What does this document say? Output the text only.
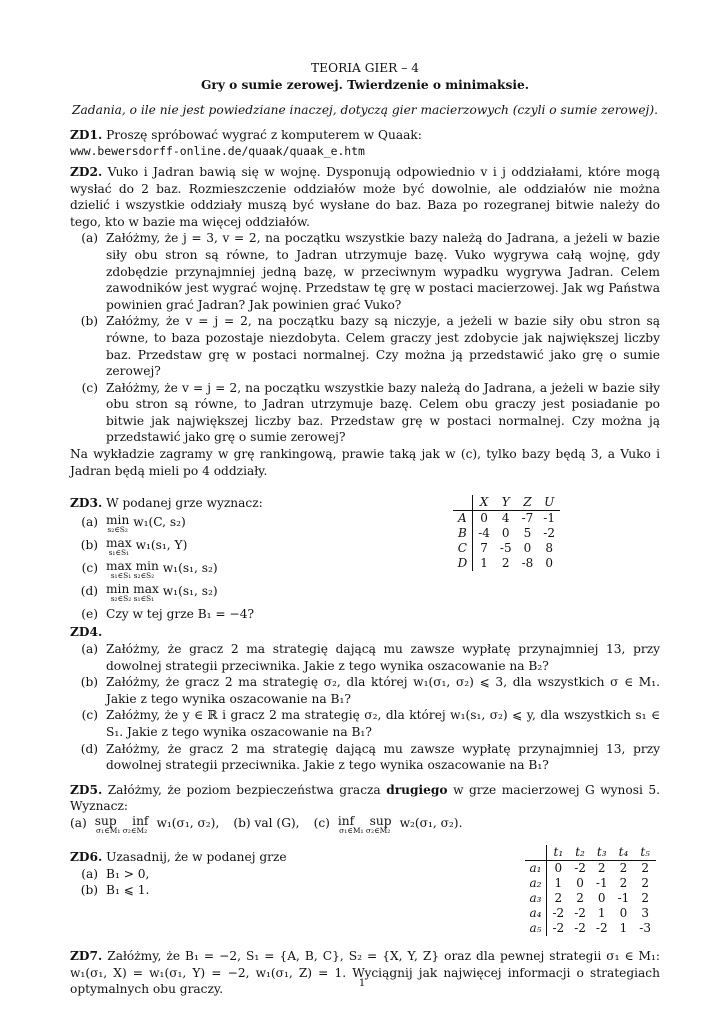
TEORIA GIER – 4
Gry o sumie zerowej. Twierdzenie o minimaksie.
Zadania, o ile nie jest powiedziane inaczej, dotyczą gier macierzowych (czyli o sumie zerowej).
ZD1. Proszę spróbować wygrać z komputerem w Quaak:
www.bewersdorff-online.de/quaak/quaak_e.htm
ZD2. Vuko i Jadran bawią się w wojnę. Dysponują odpowiednio v i j oddziałami, które mogą wysłać do 2 baz. Rozmieszczenie oddziałów może być dowolnie, ale oddziałów nie można dzielić i wszystkie oddziały muszą być wysłane do baz. Baza po rozegranej bitwie należy do tego, kto w bazie ma więcej oddziałów.
(a) Załóżmy, że j = 3, v = 2, na początku wszystkie bazy należą do Jadrana, a jeżeli w bazie siły obu stron są równe, to Jadran utrzymuje bazę. Vuko wygrywa całą wojnę, gdy zdobędzie przynajmniej jedną bazę, w przeciwnym wypadku wygrywa Jadran. Celem zawodników jest wygrać wojnę. Przedstaw tę grę w postaci macierzowej. Jak wg Państwa powinien grać Jadran? Jak powinien grać Vuko?
(b) Załóżmy, że v = j = 2, na początku bazy są niczyje, a jeżeli w bazie siły obu stron są równe, to baza pozostaje niezdobyta. Celem graczy jest zdobycie jak największej liczby baz. Przedstaw grę w postaci normalnej. Czy można ją przedstawić jako grę o sumie zerowej?
(c) Załóżmy, że v = j = 2, na początku wszystkie bazy należą do Jadrana, a jeżeli w bazie siły obu stron są równe, to Jadran utrzymuje bazę. Celem obu graczy jest posiadanie po bitwie jak największej liczby baz. Przedstaw grę w postaci normalnej. Czy można ją przedstawić jako grę o sumie zerowej?
Na wykładzie zagramy w grę rankingową, prawie taką jak w (c), tylko bazy będą 3, a Vuko i Jadran będą mieli po 4 oddziały.
ZD3. W podanej grze wyznacz:
(a) min
s₂∈S₂
w₁(C, s₂)
(b) max
s₁∈S₁
w₁(s₁, Y)
(c) max min
s₁∈S₁ s₂∈S₂
w₁(s₁, s₂)
(d) min max
s₂∈S₂ s₁∈S₁
w₁(s₁, s₂)
(e) Czy w tej grze B₁ = −4?
	X	Y	Z	U
A	0	4	-7	-1
B	-4	0	5	-2
C	7	-5	0	8
D	1	2	-8	0
ZD4.
(a) Załóżmy, że gracz 2 ma strategię dającą mu zawsze wypłatę przynajmniej 13, przy dowolnej strategii przeciwnika. Jakie z tego wynika oszacowanie na B₂?
(b) Załóżmy, że gracz 2 ma strategię σ₂, dla której w₁(σ₁, σ₂) ⩽ 3, dla wszystkich σ ∈ M₁. Jakie z tego wynika oszacowanie na B₁?
(c) Załóżmy, że y ∈ ℝ i gracz 2 ma strategię σ₂, dla której w₁(s₁, σ₂) ⩽ y, dla wszystkich s₁ ∈ S₁. Jakie z tego wynika oszacowanie na B₁?
(d) Załóżmy, że gracz 2 ma strategię dającą mu zawsze wypłatę przynajmniej 13, przy dowolnej strategii przeciwnika. Jakie z tego wynika oszacowanie na B₁?
ZD5. Załóżmy, że poziom bezpieczeństwa gracza drugiego w grze macierzowej G wynosi 5. Wyznacz:
(a) sup    inf
σ₁∈M₁ σ₂∈M₂
w₁(σ₁, σ₂), (b) val (G), (c) inf    sup
σ₁∈M₁ σ₂∈M₂
w₂(σ₁, σ₂).
ZD6. Uzasadnij, że w podanej grze
(a) B₁ > 0,
(b) B₁ ⩽ 1.
	t₁	t₂	t₃	t₄	t₅
a₁	0	-2	2	2	2
a₂	1	0	-1	2	2
a₃	2	2	0	-1	2
a₄	-2	-2	1	0	3
a₅	-2	-2	-2	1	-3
ZD7. Załóżmy, że B₁ = −2, S₁ = {A, B, C}, S₂ = {X, Y, Z} oraz dla pewnej strategii σ₁ ∈ M₁: w₁(σ₁, X) = w₁(σ₁, Y) = −2, w₁(σ₁, Z) = 1. Wyciągnij jak najwięcej informacji o strategiach optymalnych obu graczy.	1
